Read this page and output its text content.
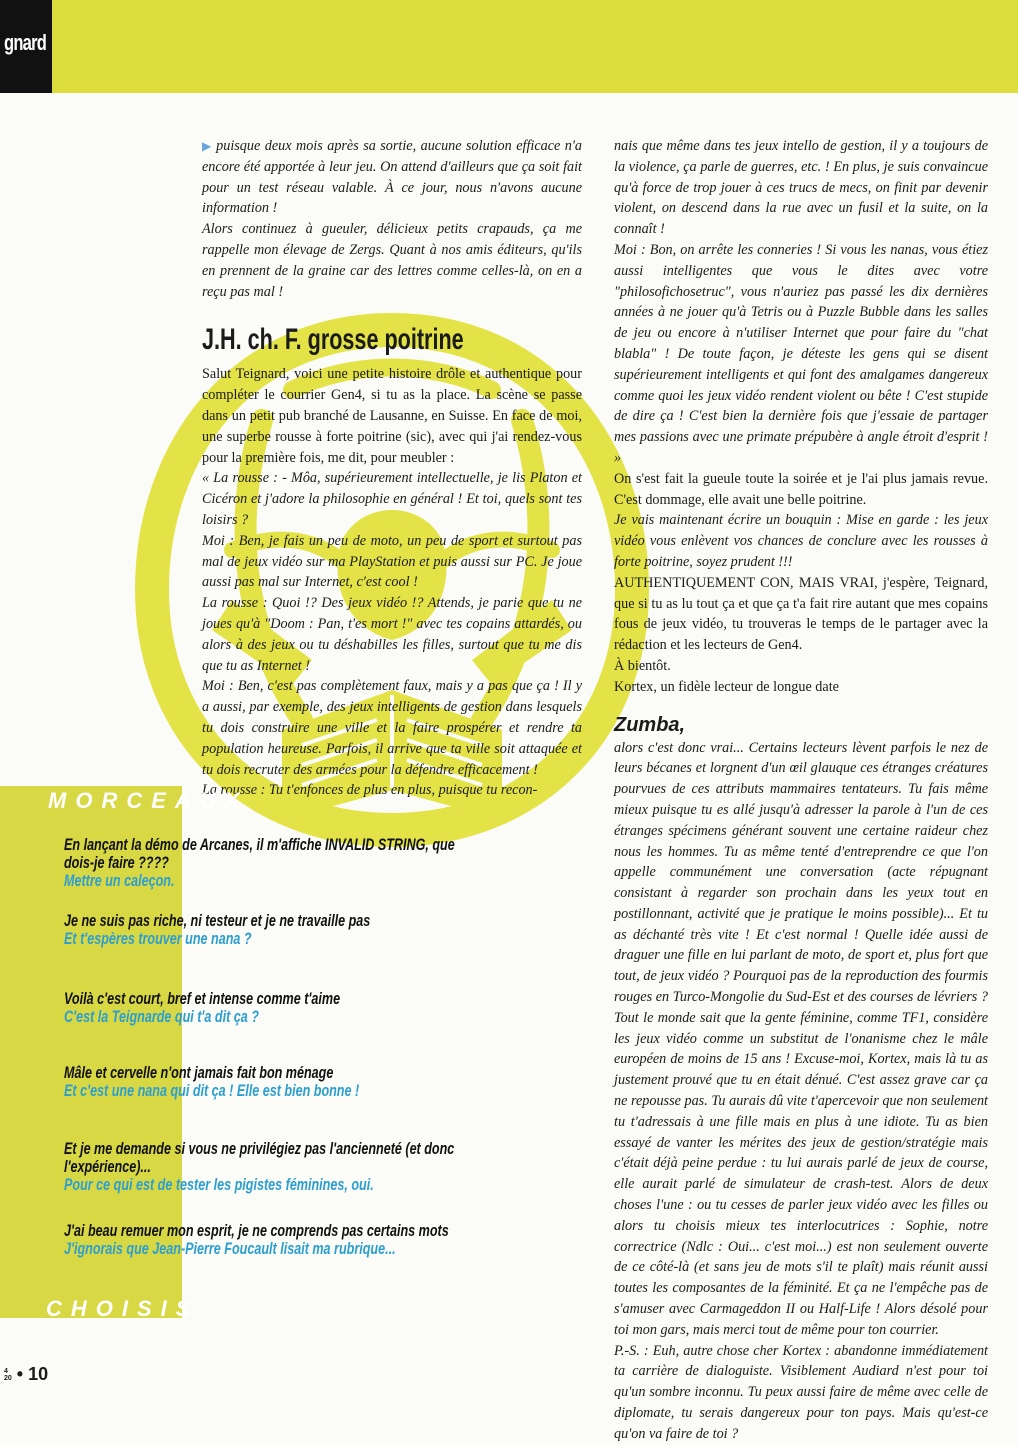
gnard

▶ puisque deux mois après sa sortie, aucune solution efficace n'a encore été apportée à leur jeu. On attend d'ailleurs que ça soit fait pour un test réseau valable. À ce jour, nous n'avons aucune information !

Alors continuez à gueuler, délicieux petits crapauds, ça me rappelle mon élevage de Zergs. Quant à nos amis éditeurs, qu'ils en prennent de la graine car des lettres comme celles-là, on en a reçu pas mal !

J.H. ch. F. grosse poitrine

Salut Teignard, voici une petite histoire drôle et authentique pour compléter le courrier Gen4, si tu as la place. La scène se passe dans un petit pub branché de Lausanne, en Suisse. En face de moi, une superbe rousse à forte poitrine (sic), avec qui j'ai rendez-vous pour la première fois, me dit, pour meubler :

« La rousse : - Môa, supérieurement intellectuelle, je lis Platon et Cicéron et j'adore la philosophie en général ! Et toi, quels sont tes loisirs ?

Moi : Ben, je fais un peu de moto, un peu de sport et surtout pas mal de jeux vidéo sur ma PlayStation et puis aussi sur PC. Je joue aussi pas mal sur Internet, c'est cool !

La rousse : Quoi !? Des jeux vidéo !? Attends, je parie que tu ne joues qu'à "Doom : Pan, t'es mort !" avec tes copains attardés, ou alors à des jeux ou tu déshabilles les filles, surtout que tu me dis que tu as Internet !

Moi : Ben, c'est pas complètement faux, mais y a pas que ça ! Il y a aussi, par exemple, des jeux intelligents de gestion dans lesquels tu dois construire une ville et la faire prospérer et rendre ta population heureuse. Parfois, il arrive que ta ville soit attaquée et tu dois recruter des armées pour la défendre efficacement !

La rousse : Tu t'enfonces de plus en plus, puisque tu recon-

nais que même dans tes jeux intello de gestion, il y a toujours de la violence, ça parle de guerres, etc. ! En plus, je suis convaincue qu'à force de trop jouer à ces trucs de mecs, on finit par devenir violent, on descend dans la rue avec un fusil et la suite, on la connaît !

Moi : Bon, on arrête les conneries ! Si vous les nanas, vous étiez aussi intelligentes que vous le dites avec votre "philosofichosetruc", vous n'auriez pas passé les dix dernières années à ne jouer qu'à Tetris ou à Puzzle Bubble dans les salles de jeu ou encore à n'utiliser Internet que pour faire du "chat blabla" ! De toute façon, je déteste les gens qui se disent supérieurement intelligents et qui font des amalgames dangereux comme quoi les jeux vidéo rendent violent ou bête ! C'est stupide de dire ça ! C'est bien la dernière fois que j'essaie de partager mes passions avec une primate prépubère à angle étroit d'esprit ! »

On s'est fait la gueule toute la soirée et je l'ai plus jamais revue. C'est dommage, elle avait une belle poitrine.

Je vais maintenant écrire un bouquin : Mise en garde : les jeux vidéo vous enlèvent vos chances de conclure avec les rousses à forte poitrine, soyez prudent !!!

AUTHENTIQUEMENT CON, MAIS VRAI, j'espère, Teignard, que si tu as lu tout ça et que ça t'a fait rire autant que mes copains fous de jeux vidéo, tu trouveras le temps de le partager avec la rédaction et les lecteurs de Gen4.

À bientôt.

Kortex, un fidèle lecteur de longue date

Zumba,

alors c'est donc vrai... Certains lecteurs lèvent parfois le nez de leurs bécanes et lorgnent d'un œil glauque ces étranges créatures pourvues de ces attributs mammaires tentateurs. Tu fais même mieux puisque tu es allé jusqu'à adresser la parole à l'un de ces étranges spécimens générant souvent une certaine raideur chez nous les hommes. Tu as même tenté d'entreprendre ce que l'on appelle communément une conversation (acte répugnant consistant à regarder son prochain dans les yeux tout en postillonnant, activité que je pratique le moins possible)... Et tu as déchanté très vite ! Et c'est normal ! Quelle idée aussi de draguer une fille en lui parlant de moto, de sport et, plus fort que tout, de jeux vidéo ? Pourquoi pas de la reproduction des fourmis rouges en Turco-Mongolie du Sud-Est et des courses de lévriers ? Tout le monde sait que la gente féminine, comme TF1, considère les jeux vidéo comme un substitut de l'onanisme chez le mâle européen de moins de 15 ans ! Excuse-moi, Kortex, mais là tu as justement prouvé que tu en était dénué. C'est assez grave car ça ne repousse pas. Tu aurais dû vite t'apercevoir que non seulement tu t'adressais à une fille mais en plus à une idiote. Tu as bien essayé de vanter les mérites des jeux de gestion/stratégie mais c'était déjà peine perdue : tu lui aurais parlé de jeux de course, elle aurait parlé de simulateur de crash-test. Alors de deux choses l'une : ou tu cesses de parler jeux vidéo avec les filles ou alors tu choisis mieux tes interlocutrices : Sophie, notre correctrice (Ndlc : Oui... c'est moi...) est non seulement ouverte de ce côté-là (et sans jeu de mots s'il te plaît) mais réunit aussi toutes les composantes de la féminité. Et ça ne l'empêche pas de s'amuser avec Carmageddon II ou Half-Life ! Alors désolé pour toi mon gars, mais merci tout de même pour ton courrier.

P.-S. : Euh, autre chose cher Kortex : abandonne immédiatement ta carrière de dialoguiste. Visiblement Audiard n'est pour toi qu'un sombre inconnu. Tu peux aussi faire de même avec celle de diplomate, tu serais dangereux pour ton pays. Mais qu'est-ce qu'on va faire de toi ?

MORCEAUX
CHOISIS
En lançant la démo de Arcanes, il m'affiche INVALID STRING, que dois-je faire ????
Mettre un caleçon.
Je ne suis pas riche, ni testeur et je ne travaille pas
Et t'espères trouver une nana ?
Voilà c'est court, bref et intense comme t'aime
C'est la Teignarde qui t'a dit ça ?
Mâle et cervelle n'ont jamais fait bon ménage
Et c'est une nana qui dit ça ! Elle est bien bonne !
Et je me demande si vous ne privilégiez pas l'ancienneté (et donc l'expérience)...
Pour ce qui est de tester les pigistes féminines, oui.
J'ai beau remuer mon esprit, je ne comprends pas certains mots
J'ignorais que Jean-Pierre Foucault lisait ma rubrique...
4
20 • 10
